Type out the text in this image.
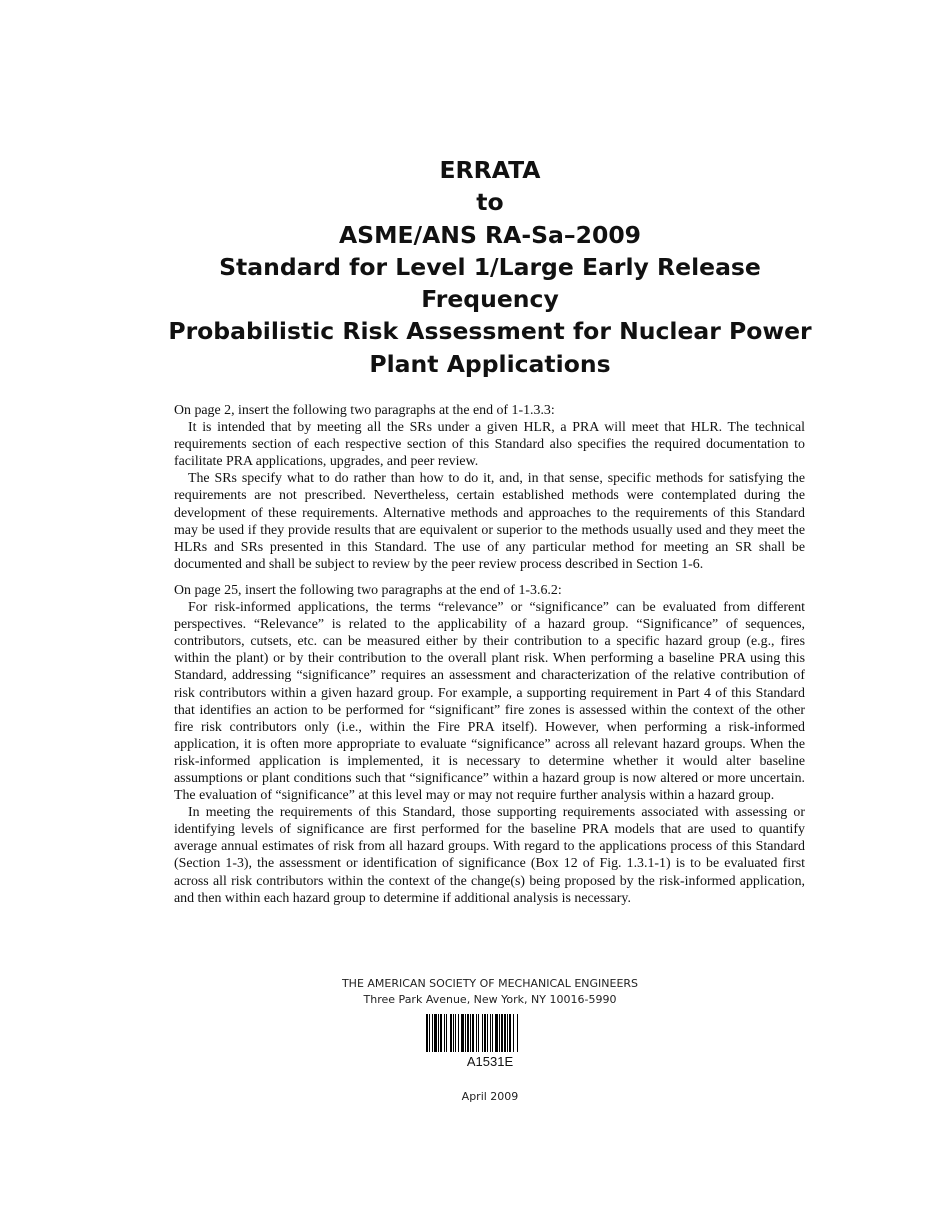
ERRATA
to
ASME/ANS RA-Sa–2009
Standard for Level 1/Large Early Release Frequency
Probabilistic Risk Assessment for Nuclear Power
Plant Applications

On page 2, insert the following two paragraphs at the end of 1-1.3.3:

It is intended that by meeting all the SRs under a given HLR, a PRA will meet that HLR. The technical requirements section of each respective section of this Standard also specifies the required documentation to facilitate PRA applications, upgrades, and peer review.

The SRs specify what to do rather than how to do it, and, in that sense, specific methods for satisfying the requirements are not prescribed. Nevertheless, certain established methods were contemplated during the development of these requirements. Alternative methods and approaches to the requirements of this Standard may be used if they provide results that are equivalent or superior to the methods usually used and they meet the HLRs and SRs presented in this Standard. The use of any particular method for meeting an SR shall be documented and shall be subject to review by the peer review process described in Section 1-6.

On page 25, insert the following two paragraphs at the end of 1-3.6.2:

For risk-informed applications, the terms “relevance” or “significance” can be evaluated from different perspectives. “Relevance” is related to the applicability of a hazard group. “Significance” of sequences, contributors, cutsets, etc. can be measured either by their contribution to a specific hazard group (e.g., fires within the plant) or by their contribution to the overall plant risk. When performing a baseline PRA using this Standard, addressing “significance” requires an assessment and characterization of the relative contribution of risk contributors within a given hazard group. For example, a supporting requirement in Part 4 of this Standard that identifies an action to be performed for “significant” fire zones is assessed within the context of the other fire risk contributors only (i.e., within the Fire PRA itself). However, when performing a risk-informed application, it is often more appropriate to evaluate “significance” across all relevant hazard groups. When the risk-informed application is implemented, it is necessary to determine whether it would alter baseline assumptions or plant conditions such that “significance” within a hazard group is now altered or more uncertain. The evaluation of “significance” at this level may or may not require further analysis within a hazard group.

In meeting the requirements of this Standard, those supporting requirements associated with assessing or identifying levels of significance are first performed for the baseline PRA models that are used to quantify average annual estimates of risk from all hazard groups. With regard to the applications process of this Standard (Section 1-3), the assessment or identification of significance (Box 12 of Fig. 1.3.1-1) is to be evaluated first across all risk contributors within the context of the change(s) being proposed by the risk-informed application, and then within each hazard group to determine if additional analysis is necessary.

THE AMERICAN SOCIETY OF MECHANICAL ENGINEERS
Three Park Avenue, New York, NY 10016-5990
A1531E
April 2009
